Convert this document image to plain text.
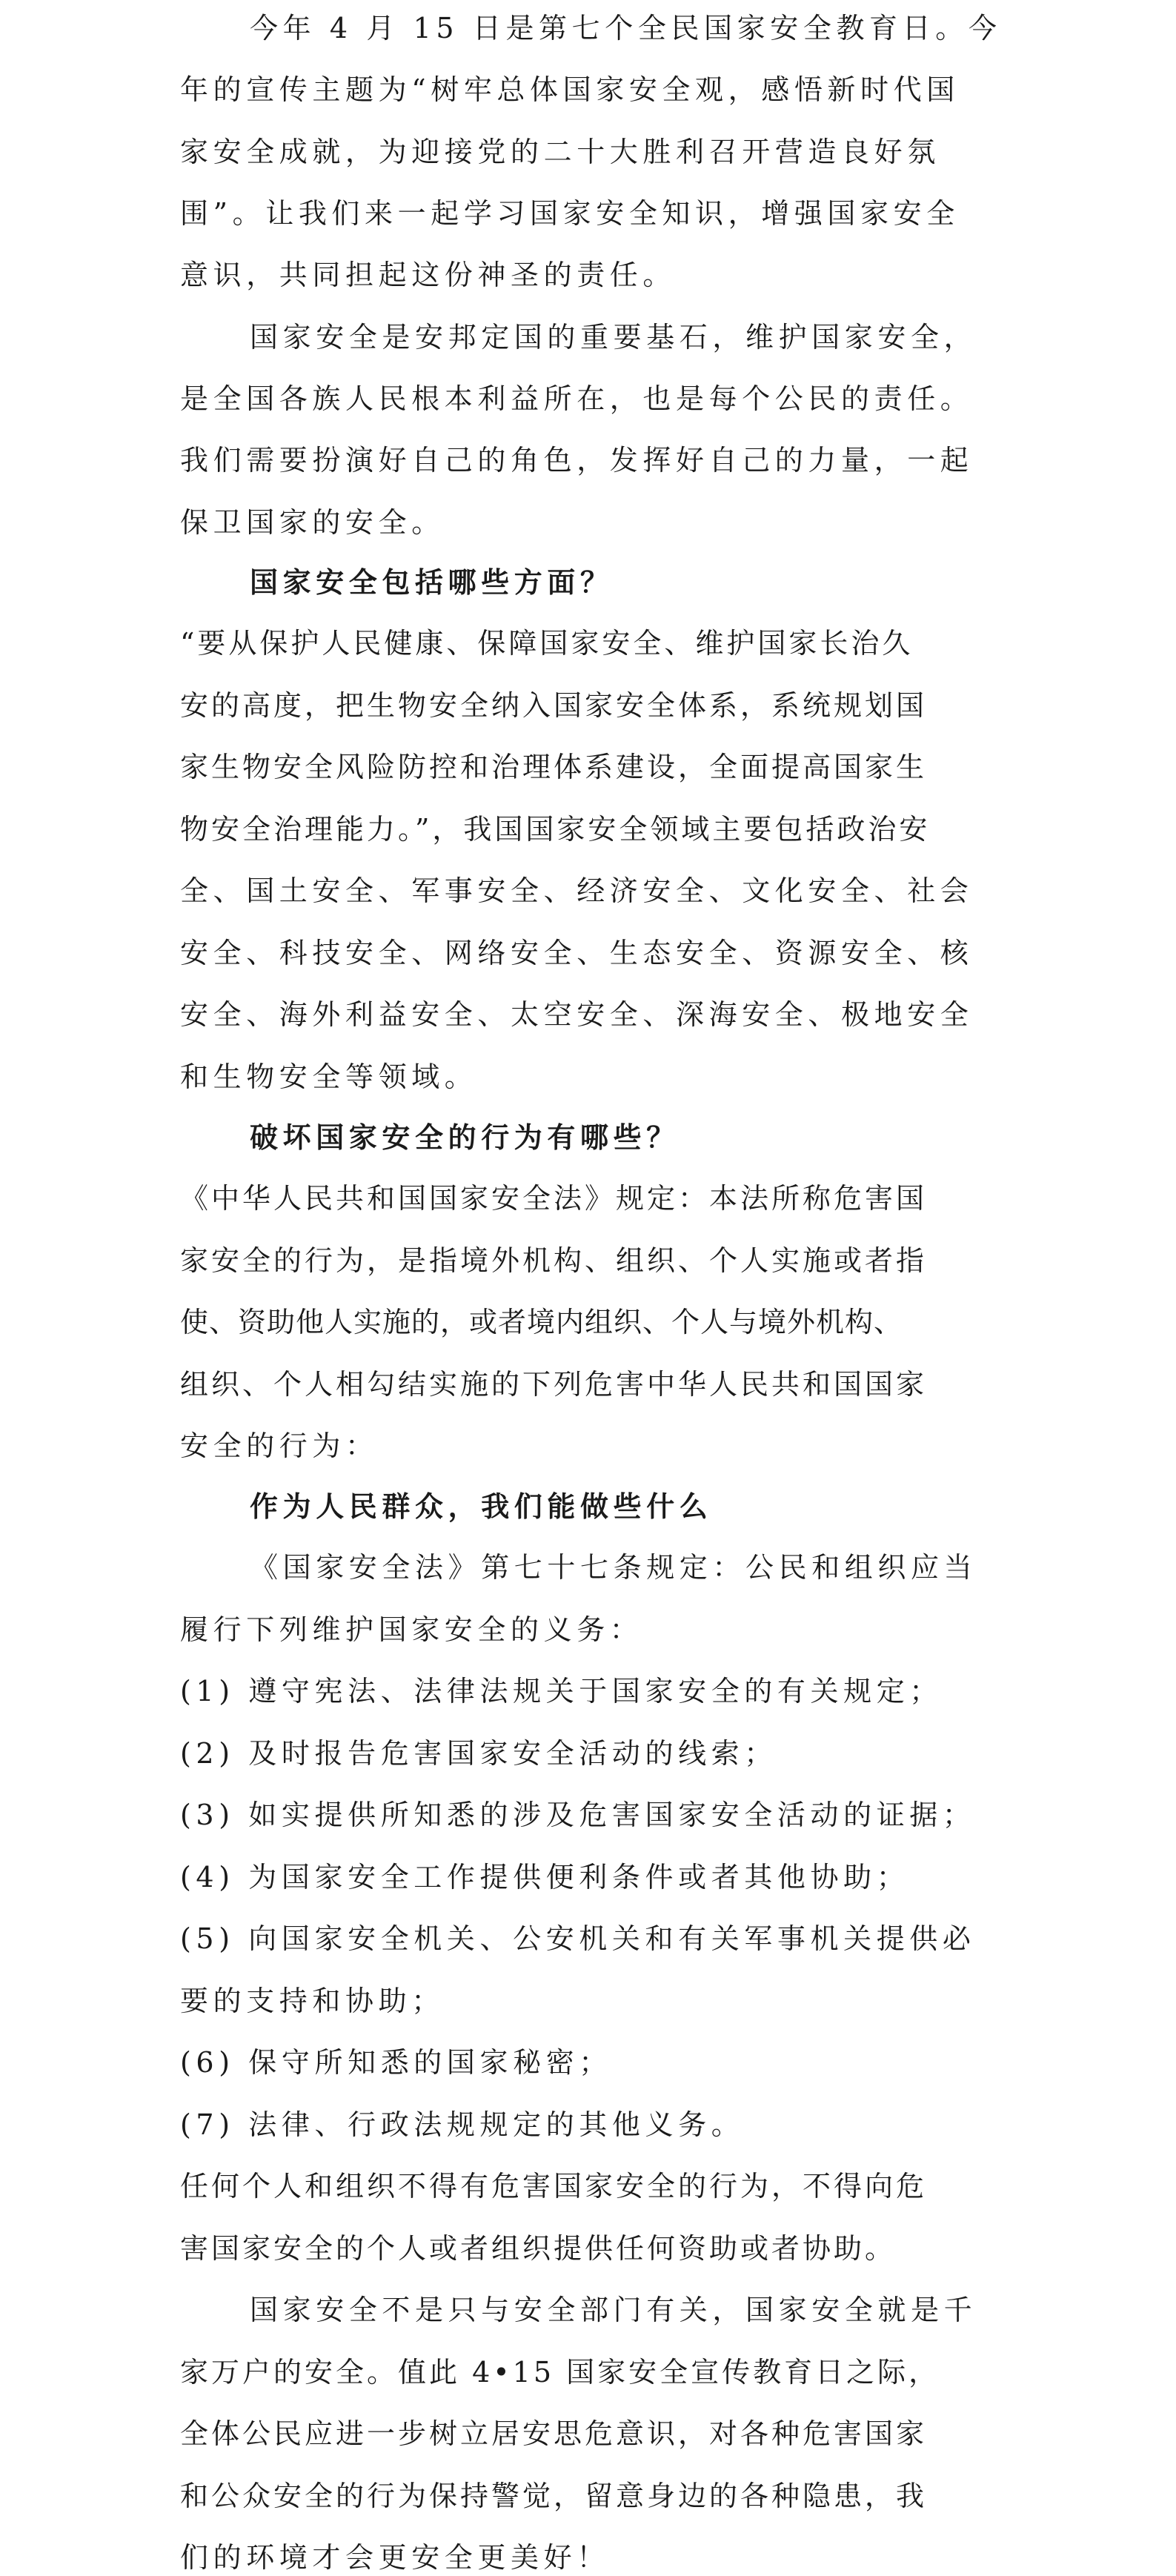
今年 4 月 15 日是第七个全民国家安全教育日。今
年的宣传主题为“树牢总体国家安全观，感悟新时代国
家安全成就，为迎接党的二十大胜利召开营造良好氛
围”。让我们来一起学习国家安全知识，增强国家安全
意识，共同担起这份神圣的责任。
国家安全是安邦定国的重要基石，维护国家安全，
是全国各族人民根本利益所在，也是每个公民的责任。
我们需要扮演好自己的角色，发挥好自己的力量，一起
保卫国家的安全。
国家安全包括哪些方面？
“要从保护人民健康、保障国家安全、维护国家长治久
安的高度，把生物安全纳入国家安全体系，系统规划国
家生物安全风险防控和治理体系建设，全面提高国家生
物安全治理能力。”，我国国家安全领域主要包括政治安
全、国土安全、军事安全、经济安全、文化安全、社会
安全、科技安全、网络安全、生态安全、资源安全、核
安全、海外利益安全、太空安全、深海安全、极地安全
和生物安全等领域。
破坏国家安全的行为有哪些？
《中华人民共和国国家安全法》规定：本法所称危害国
家安全的行为，是指境外机构、组织、个人实施或者指
使、资助他人实施的，或者境内组织、个人与境外机构、
组织、个人相勾结实施的下列危害中华人民共和国国家
安全的行为：
作为人民群众，我们能做些什么
《国家安全法》第七十七条规定：公民和组织应当
履行下列维护国家安全的义务：
(1) 遵守宪法、法律法规关于国家安全的有关规定；
(2) 及时报告危害国家安全活动的线索；
(3) 如实提供所知悉的涉及危害国家安全活动的证据；
(4) 为国家安全工作提供便利条件或者其他协助；
(5) 向国家安全机关、公安机关和有关军事机关提供必
要的支持和协助；
(6) 保守所知悉的国家秘密；
(7) 法律、行政法规规定的其他义务。
任何个人和组织不得有危害国家安全的行为，不得向危
害国家安全的个人或者组织提供任何资助或者协助。
国家安全不是只与安全部门有关，国家安全就是千
家万户的安全。值此 4•15 国家安全宣传教育日之际，
全体公民应进一步树立居安思危意识，对各种危害国家
和公众安全的行为保持警觉，留意身边的各种隐患，我
们的环境才会更安全更美好！
